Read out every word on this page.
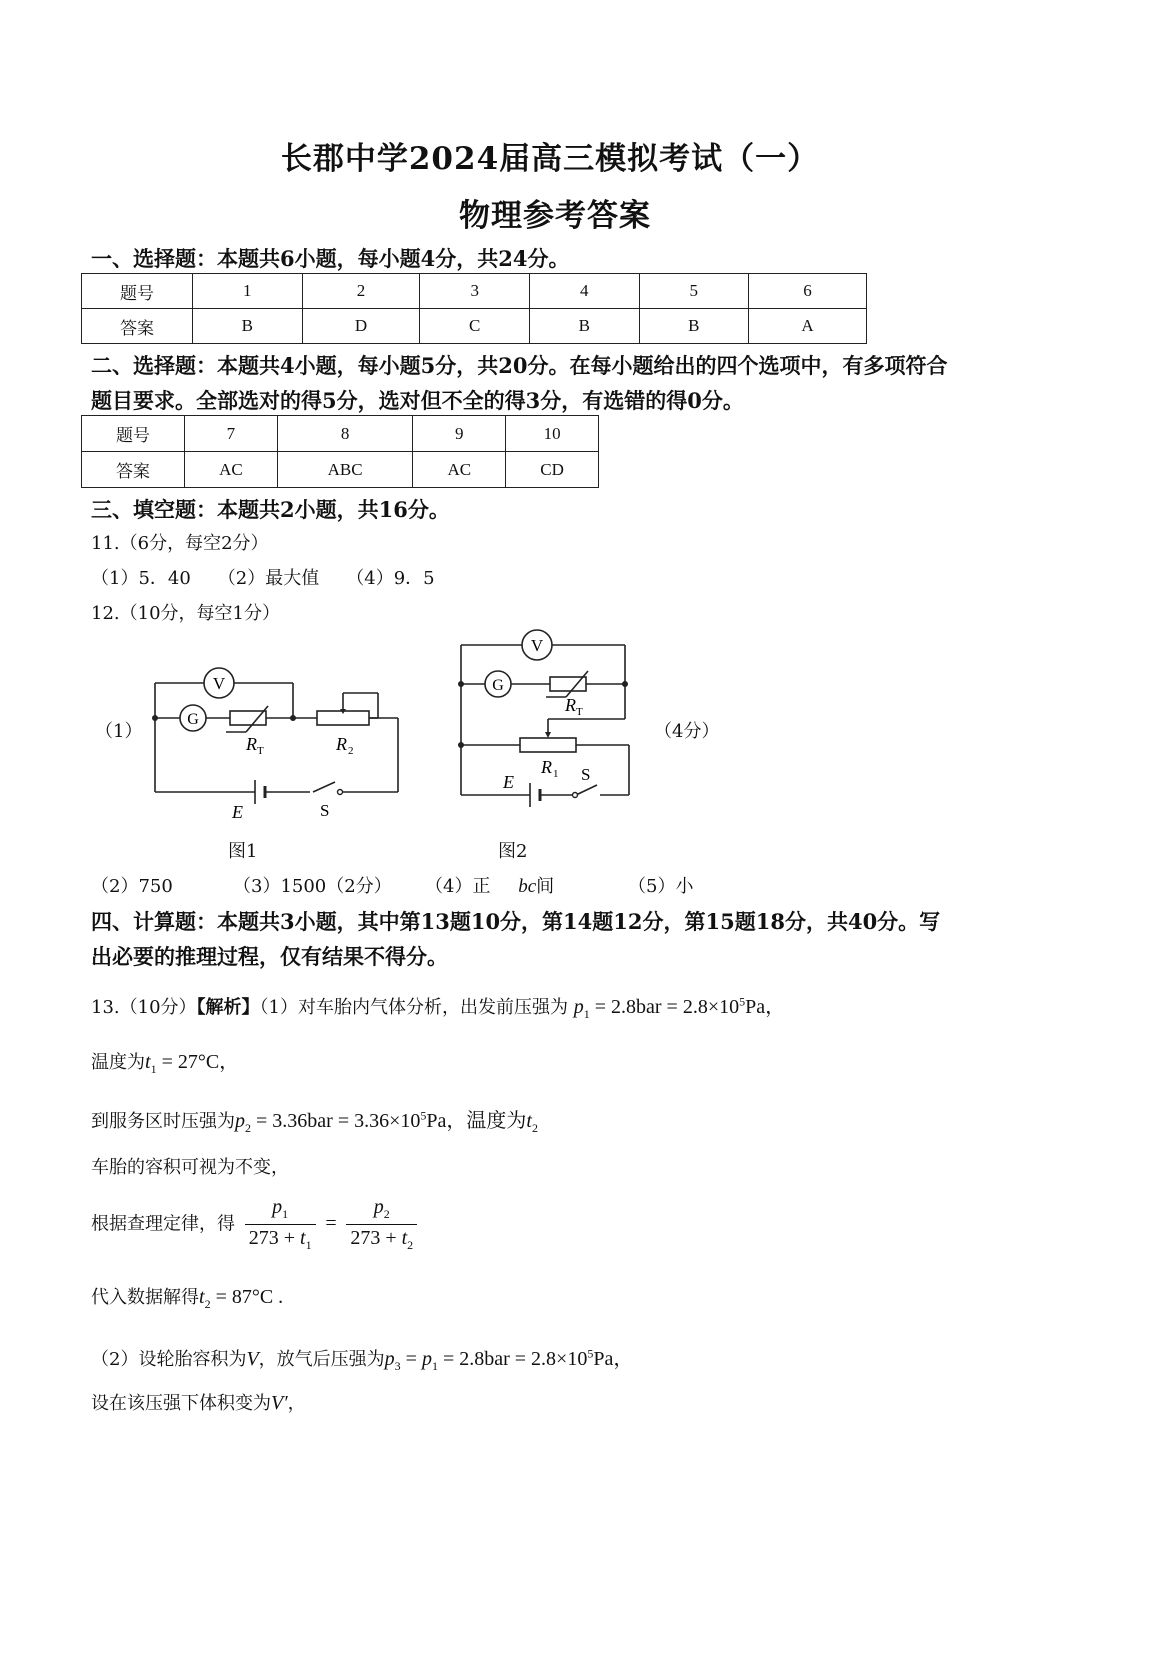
长郡中学2024届高三模拟考试（一）
物理参考答案
一、选择题：本题共6小题，每小题4分，共24分。
题号	1	2	3	4	5	6
答案	B	D	C	B	B	A
二、选择题：本题共4小题，每小题5分，共20分。在每小题给出的四个选项中，有多项符合
题目要求。全部选对的得5分，选对但不全的得3分，有选错的得0分。
题号	7	8	9	10
答案	AC	ABC	AC	CD
三、填空题：本题共2小题，共16分。
11.（6分，每空2分）
（1）5．40　　（2）最大值　　（4）9．5
12.（10分，每空1分）
（1）	（4分）
V
G
R T	R 2
E	S
图1
V
G
R T
R 1 S
E
图2
（2）750	（3）1500（2分） （4）正 bc间	（5）小
四、计算题：本题共3小题，其中第13题10分，第14题12分，第15题18分，共40分。写
出必要的推理过程，仅有结果不得分。
13.（10分）【解析】（1）对车胎内气体分析，出发前压强为 $p_1 = 2.8bar = 2.8\times 10^5Pa$，
温度为$t_1 = 27^\circ C$，
到服务区时压强为$p_2 = 3.36bar = 3.36\times 10^5Pa$，温度为$t_2$
车胎的容积可视为不变，
根据查理定律，得 $\frac{p_1}{273 + t_1} = \frac{p_2}{273 + t_2}$
代入数据解得$t_2 = 87^\circ C$ .
（2）设轮胎容积为V，放气后压强为$p_3 = p_1 = 2.8bar = 2.8\times 10^5Pa$，
设在该压强下体积变为V′，
